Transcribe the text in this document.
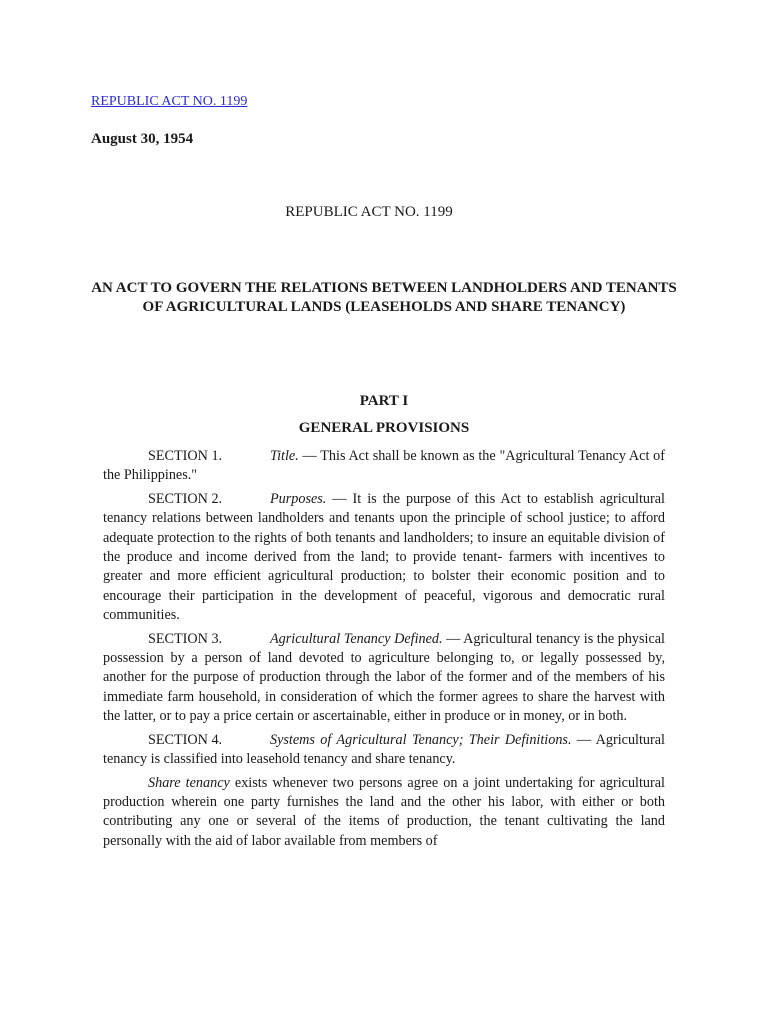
REPUBLIC ACT NO. 1199
August 30, 1954
REPUBLIC ACT NO. 1199
AN ACT TO GOVERN THE RELATIONS BETWEEN LANDHOLDERS AND TENANTS OF AGRICULTURAL LANDS (LEASEHOLDS AND SHARE TENANCY)
PART I
GENERAL PROVISIONS

SECTION 1.	Title. — This Act shall be known as the "Agricultural Tenancy Act of the Philippines."

SECTION 2.	Purposes. — It is the purpose of this Act to establish agricultural tenancy relations between landholders and tenants upon the principle of school justice; to afford adequate protection to the rights of both tenants and landholders; to insure an equitable division of the produce and income derived from the land; to provide tenant- farmers with incentives to greater and more efficient agricultural production; to bolster their economic position and to encourage their participation in the development of peaceful, vigorous and democratic rural communities.

SECTION 3.	Agricultural Tenancy Defined. — Agricultural tenancy is the physical possession by a person of land devoted to agriculture belonging to, or legally possessed by, another for the purpose of production through the labor of the former and of the members of his immediate farm household, in consideration of which the former agrees to share the harvest with the latter, or to pay a price certain or ascertainable, either in produce or in money, or in both.

SECTION 4.	Systems of Agricultural Tenancy; Their Definitions. — Agricultural tenancy is classified into leasehold tenancy and share tenancy.

Share tenancy exists whenever two persons agree on a joint undertaking for agricultural production wherein one party furnishes the land and the other his labor, with either or both contributing any one or several of the items of production, the tenant cultivating the land personally with the aid of labor available from members of
